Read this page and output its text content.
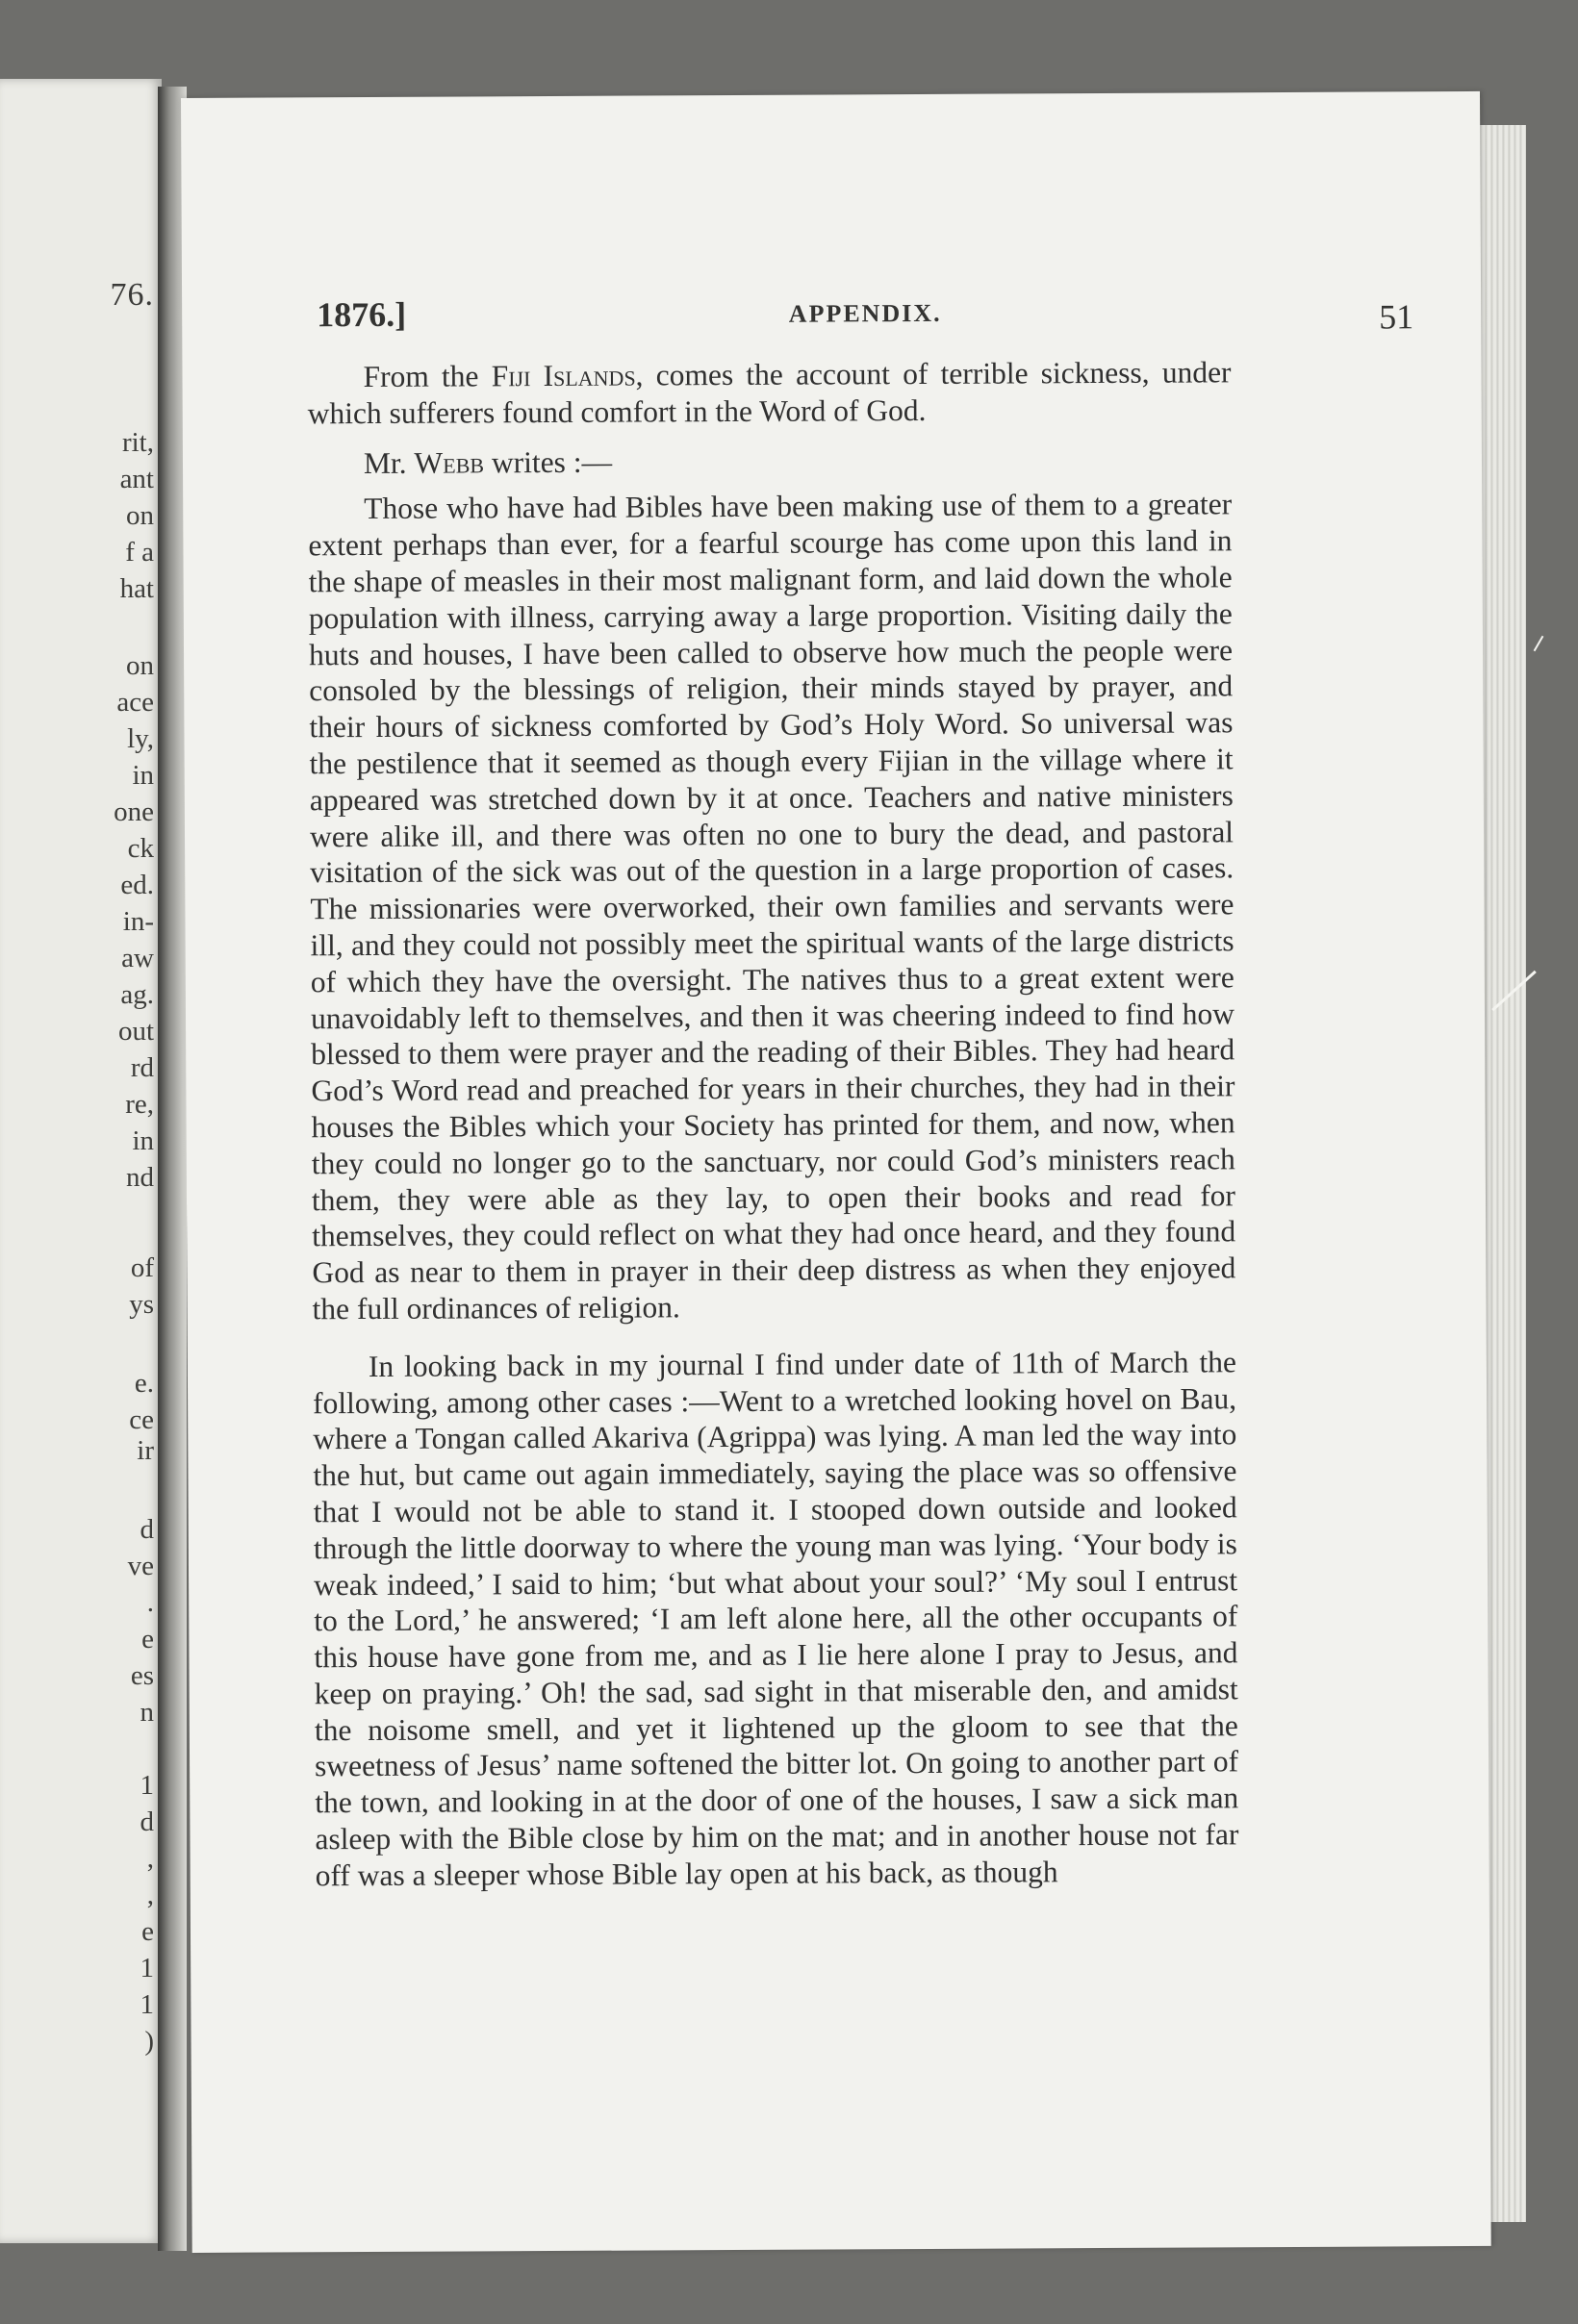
76.
rit,
ant
on
f a
hat
on
ace
ly,
in
one
ck
ed.
in-
aw
ag.
out
rd
re,
in
nd
of
ys
e.
ce
ir
d
ve
.
e
es
n
1
d
,
,
e
1
1
)
1876.]	APPENDIX.	51

From the Fiji Islands, comes the account of terrible sickness, under which sufferers found comfort in the Word of God.

Mr. Webb writes :—

Those who have had Bibles have been making use of them to a greater extent perhaps than ever, for a fearful scourge has come upon this land in the shape of measles in their most malignant form, and laid down the whole population with illness, carrying away a large proportion. Visiting daily the huts and houses, I have been called to observe how much the people were consoled by the blessings of religion, their minds stayed by prayer, and their hours of sickness comforted by God’s Holy Word. So universal was the pestilence that it seemed as though every Fijian in the village where it appeared was stretched down by it at once. Teachers and native ministers were alike ill, and there was often no one to bury the dead, and pastoral visitation of the sick was out of the question in a large proportion of cases. The missionaries were overworked, their own families and servants were ill, and they could not possibly meet the spiritual wants of the large districts of which they have the oversight. The natives thus to a great extent were unavoidably left to themselves, and then it was cheering indeed to find how blessed to them were prayer and the reading of their Bibles. They had heard God’s Word read and preached for years in their churches, they had in their houses the Bibles which your Society has printed for them, and now, when they could no longer go to the sanctuary, nor could God’s ministers reach them, they were able as they lay, to open their books and read for themselves, they could reflect on what they had once heard, and they found God as near to them in prayer in their deep distress as when they enjoyed the full ordinances of religion.

In looking back in my journal I find under date of 11th of March the following, among other cases :—Went to a wretched looking hovel on Bau, where a Tongan called Akariva (Agrippa) was lying. A man led the way into the hut, but came out again immediately, saying the place was so offensive that I would not be able to stand it. I stooped down outside and looked through the little doorway to where the young man was lying. ‘Your body is weak indeed,’ I said to him; ‘but what about your soul?’ ‘My soul I entrust to the Lord,’ he answered; ‘I am left alone here, all the other occupants of this house have gone from me, and as I lie here alone I pray to Jesus, and keep on praying.’ Oh! the sad, sad sight in that miserable den, and amidst the noisome smell, and yet it lightened up the gloom to see that the sweetness of Jesus’ name softened the bitter lot. On going to another part of the town, and looking in at the door of one of the houses, I saw a sick man asleep with the Bible close by him on the mat; and in another house not far off was a sleeper whose Bible lay open at his back, as though
